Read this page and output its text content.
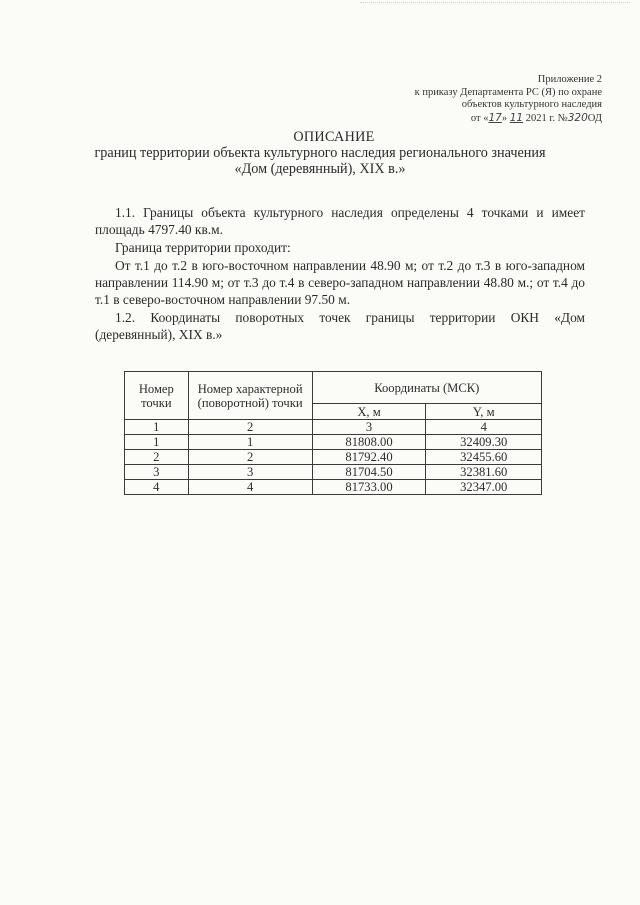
Приложение 2
к приказу Департамента РС (Я) по охране
объектов культурного наследия
от «17» 11 2021 г. №320ОД
ОПИСАНИЕ
границ территории объекта культурного наследия регионального значения
«Дом (деревянный), XIX в.»

1.1. Границы объекта культурного наследия определены 4 точками и имеет площадь 4797.40 кв.м.

Граница территории проходит:

От т.1 до т.2 в юго-восточном направлении 48.90 м; от т.2 до т.3 в юго-западном направлении 114.90 м; от т.3 до т.4 в северо-западном направлении 48.80 м.; от т.4 до т.1 в северо-восточном направлении 97.50 м.

1.2. Координаты поворотных точек границы территории ОКН «Дом (деревянный), XIX в.»

Номер точки	Номер характерной (поворотной) точки	Координаты (МСК)	
		X, м	Y, м
1	2	3	4
1	1	81808.00	32409.30
2	2	81792.40	32455.60
3	3	81704.50	32381.60
4	4	81733.00	32347.00
